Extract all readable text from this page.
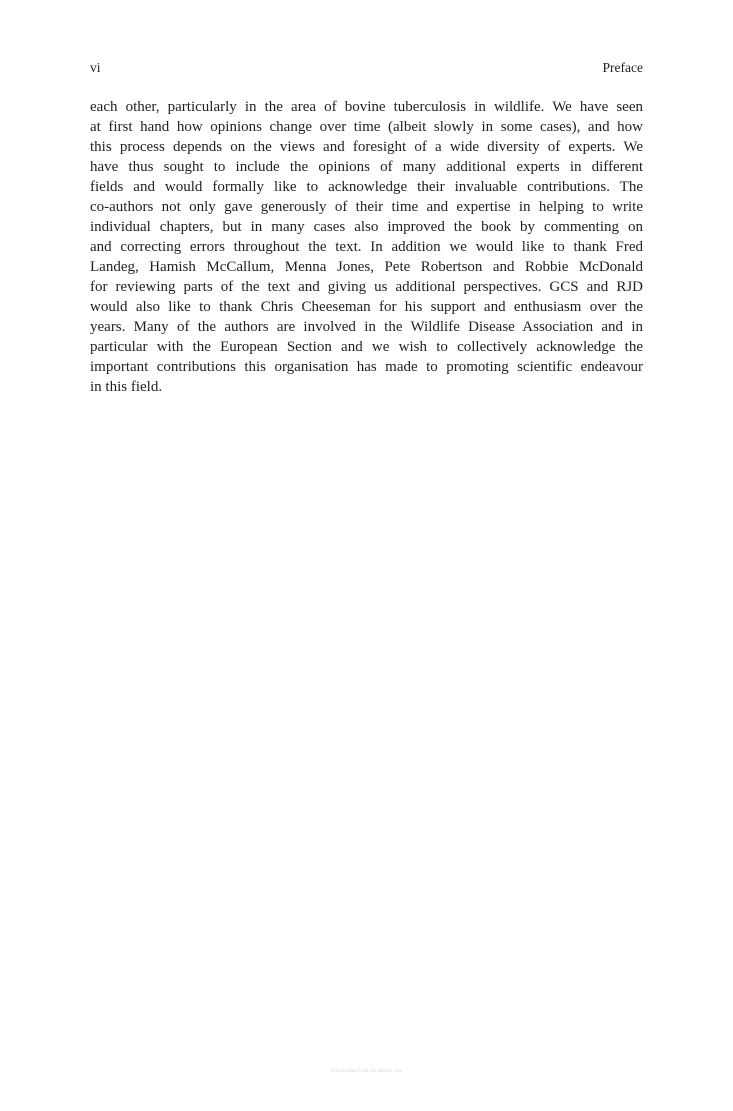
vi	Preface
each other, particularly in the area of bovine tuberculosis in wildlife. We have seen
at first hand how opinions change over time (albeit slowly in some cases), and how
this process depends on the views and foresight of a wide diversity of experts. We
have thus sought to include the opinions of many additional experts in different
fields and would formally like to acknowledge their invaluable contributions. The
co-authors not only gave generously of their time and expertise in helping to write
individual chapters, but in many cases also improved the book by commenting on
and correcting errors throughout the text. In addition we would like to thank Fred
Landeg, Hamish McCallum, Menna Jones, Pete Robertson and Robbie McDonald
for reviewing parts of the text and giving us additional perspectives. GCS and RJD
would also like to thank Chris Cheeseman for his support and enthusiasm over the
years. Many of the authors are involved in the Wildlife Disease Association and in
particular with the European Section and we wish to collectively acknowledge the
important contributions this organisation has made to promoting scientific endeavour
in this field.
Downloaded From Ori-ebooks.com
